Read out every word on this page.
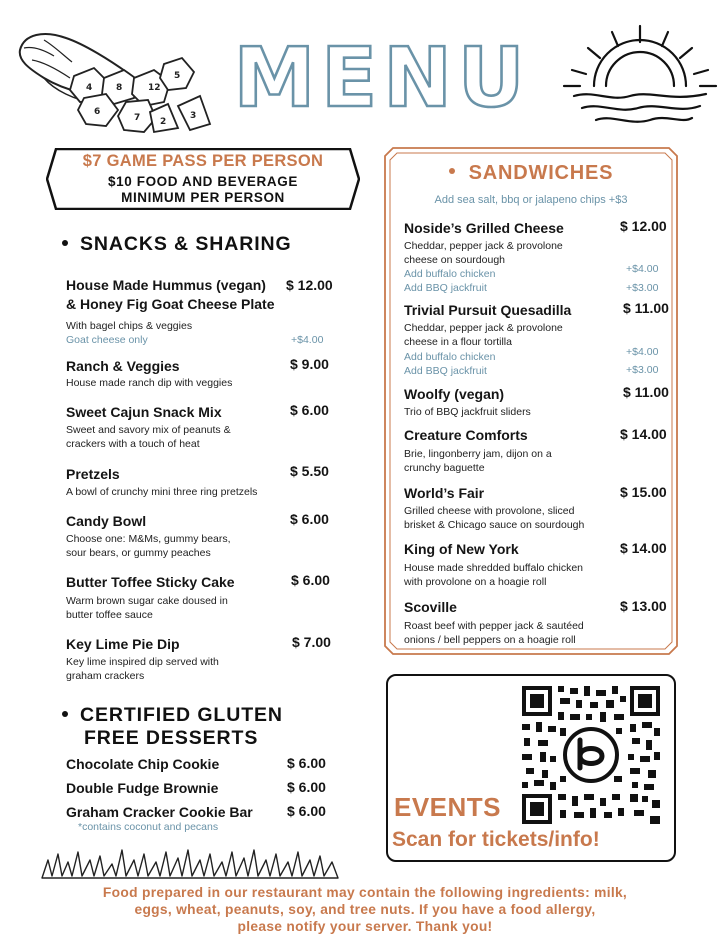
4	8	12
5
6
7	3
2 MENU
$7 GAME PASS PER PERSON
$10 FOOD AND BEVERAGE
MINIMUM PER PERSON
SNACKS & SHARING
House Made Hummus (vegan)
& Honey Fig Goat Cheese Plate
$ 12.00
With bagel chips & veggies
Goat cheese only	+$4.00
Ranch & Veggies	$ 9.00
House made ranch dip with veggies
Sweet Cajun Snack Mix	$ 6.00
Sweet and savory mix of peanuts &
crackers with a touch of heat
Pretzels	$ 5.50
A bowl of crunchy mini three ring pretzels
Candy Bowl	$ 6.00
Choose one: M&Ms, gummy bears,
sour bears, or gummy peaches
Butter Toffee Sticky Cake	$ 6.00
Warm brown sugar cake doused in
butter toffee sauce
Key Lime Pie Dip	$ 7.00
Key lime inspired dip served with
graham crackers
CERTIFIED GLUTEN
FREE DESSERTS
Chocolate Chip Cookie	$ 6.00
Double Fudge Brownie	$ 6.00
Graham Cracker Cookie Bar $ 6.00
*contains coconut and pecans
SANDWICHES
Add sea salt, bbq or jalapeno chips +$3
Noside’s Grilled Cheese	$ 12.00
Cheddar, pepper jack & provolone
cheese on sourdough
Add buffalo chicken	+$4.00
Add BBQ jackfruit	+$3.00
Trivial Pursuit Quesadilla	$ 11.00
Cheddar, pepper jack & provolone
cheese in a flour tortilla
Add buffalo chicken	+$4.00
Add BBQ jackfruit	+$3.00
Woolfy (vegan)	$ 11.00
Trio of BBQ jackfruit sliders
Creature Comforts	$ 14.00
Brie, lingonberry jam, dijon on a
crunchy baguette
World’s Fair	$ 15.00
Grilled cheese with provolone, sliced
brisket & Chicago sauce on sourdough
King of New York	$ 14.00
House made shredded buffalo chicken
with provolone on a hoagie roll
Scoville	$ 13.00
Roast beef with pepper jack & sautéed
onions / bell peppers on a hoagie roll
EVENTS
Scan for tickets/info!
Food prepared in our restaurant may contain the following ingredients: milk,
eggs, wheat, peanuts, soy, and tree nuts. If you have a food allergy,
please notify your server. Thank you!
